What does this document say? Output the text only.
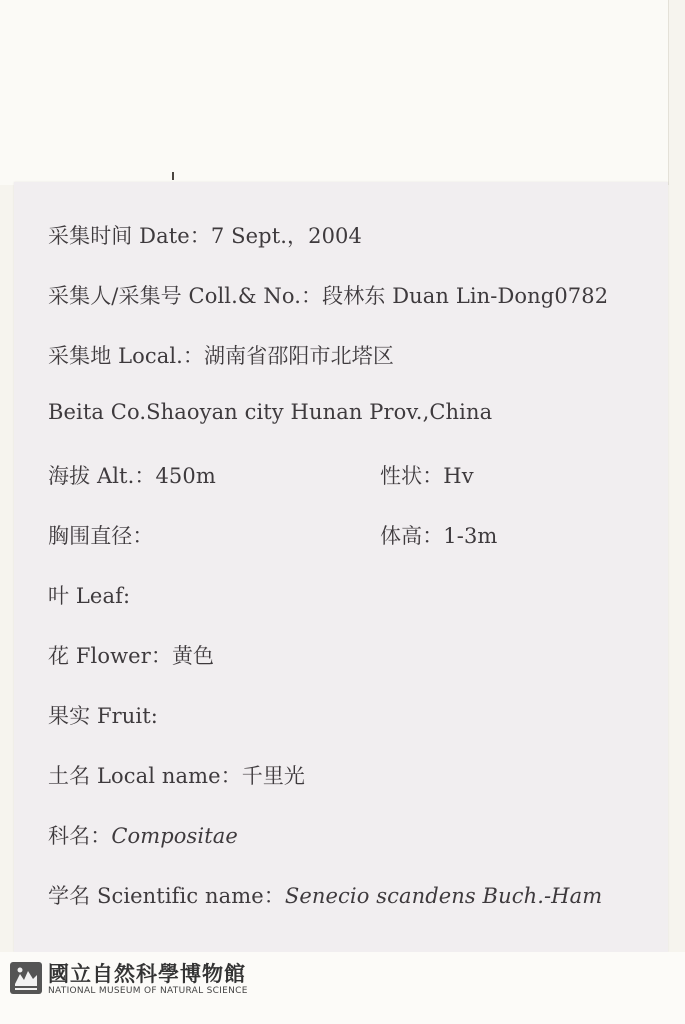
采集时间 Date：7 Sept.，2004
采集人/采集号 Coll.& No.：段林东 Duan Lin-Dong0782
采集地 Local.：湖南省邵阳市北塔区
Beita Co.Shaoyan city Hunan Prov.,China
海拔 Alt.：450m	性状：Hv
胸围直径：	体高：1-3m
叶 Leaf:
花 Flower：黄色
果实 Fruit:
土名 Local name：千里光
科名：Compositae
学名 Scientific name：Senecio scandens Buch.-Ham
國立自然科學博物館
NATIONAL MUSEUM OF NATURAL SCIENCE
